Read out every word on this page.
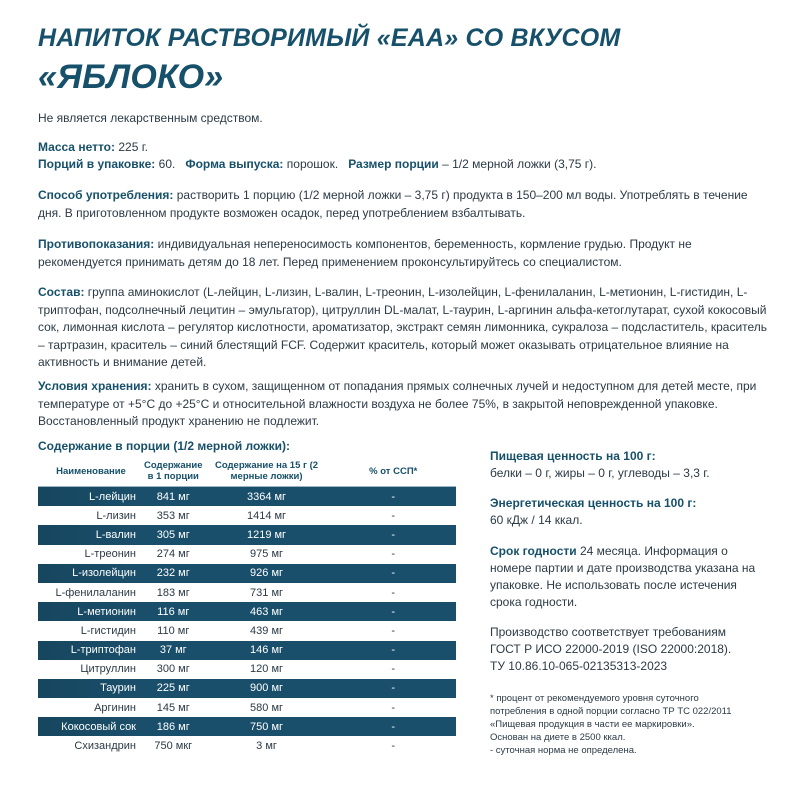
НАПИТОК РАСТВОРИМЫЙ «EAA» СО ВКУСОМ
«ЯБЛОКО»

Не является лекарственным средством.

Масса нетто: 225 г.

Порций в упаковке: 60. Форма выпуска: порошок. Размер порции – 1/2 мерной ложки (3,75 г).

Способ употребления: растворить 1 порцию (1/2 мерной ложки – 3,75 г) продукта в 150–200 мл воды. Употреблять в течение дня. В приготовленном продукте возможен осадок, перед употреблением взбалтывать.

Противопоказания: индивидуальная непереносимость компонентов, беременность, кормление грудью. Продукт не рекомендуется принимать детям до 18 лет. Перед применением проконсультируйтесь со специалистом.

Состав: группа аминокислот (L-лейцин, L-лизин, L-валин, L-треонин, L-изолейцин, L-фенилаланин, L-метионин, L-гистидин, L-триптофан, подсолнечный лецитин – эмульгатор), цитруллин DL-малат, L-таурин, L-аргинин альфа-кетоглутарат, сухой кокосовый сок, лимонная кислота – регулятор кислотности, ароматизатор, экстракт семян лимонника, сукралоза – подсластитель, краситель – тартразин, краситель – синий блестящий FCF. Содержит краситель, который может оказывать отрицательное влияние на активность и внимание детей.

Условия хранения: хранить в сухом, защищенном от попадания прямых солнечных лучей и недоступном для детей месте, при температуре от +5°C до +25°C и относительной влажности воздуха не более 75%, в закрытой неповрежденной упаковке. Восстановленный продукт хранению не подлежит.

Содержание в порции (1/2 мерной ложки):
Наименование	Содержание в 1 порции	Содержание на 15 г (2 мерные ложки)	% от ССП*
L-лейцин	841 мг	3364 мг	-
L-лизин	353 мг	1414 мг	-
L-валин	305 мг	1219 мг	-
L-треонин	274 мг	975 мг	-
L-изолейцин	232 мг	926 мг	-
L-фенилаланин	183 мг	731 мг	-
L-метионин	116 мг	463 мг	-
L-гистидин	110 мг	439 мг	-
L-триптофан	37 мг	146 мг	-
Цитруллин	300 мг	120 мг	-
Таурин	225 мг	900 мг	-
Аргинин	145 мг	580 мг	-
Кокосовый сок	186 мг	750 мг	-
Схизандрин	750 мкг	3 мг	-

Пищевая ценность на 100 г:
белки – 0 г, жиры – 0 г, углеводы – 3,3 г.

Энергетическая ценность на 100 г:
60 кДж / 14 ккал.

Срок годности 24 месяца. Информация о номере партии и дате производства указана на упаковке. Не использовать после истечения срока годности.

Производство соответствует требованиям
ГОСТ Р ИСО 22000-2019 (ISO 22000:2018).
ТУ 10.86.10-065-02135313-2023

* процент от рекомендуемого уровня суточного
потребления в одной порции согласно ТР ТС 022/2011
«Пищевая продукция в части ее маркировки».
Основан на диете в 2500 ккал.
- суточная норма не определена.
